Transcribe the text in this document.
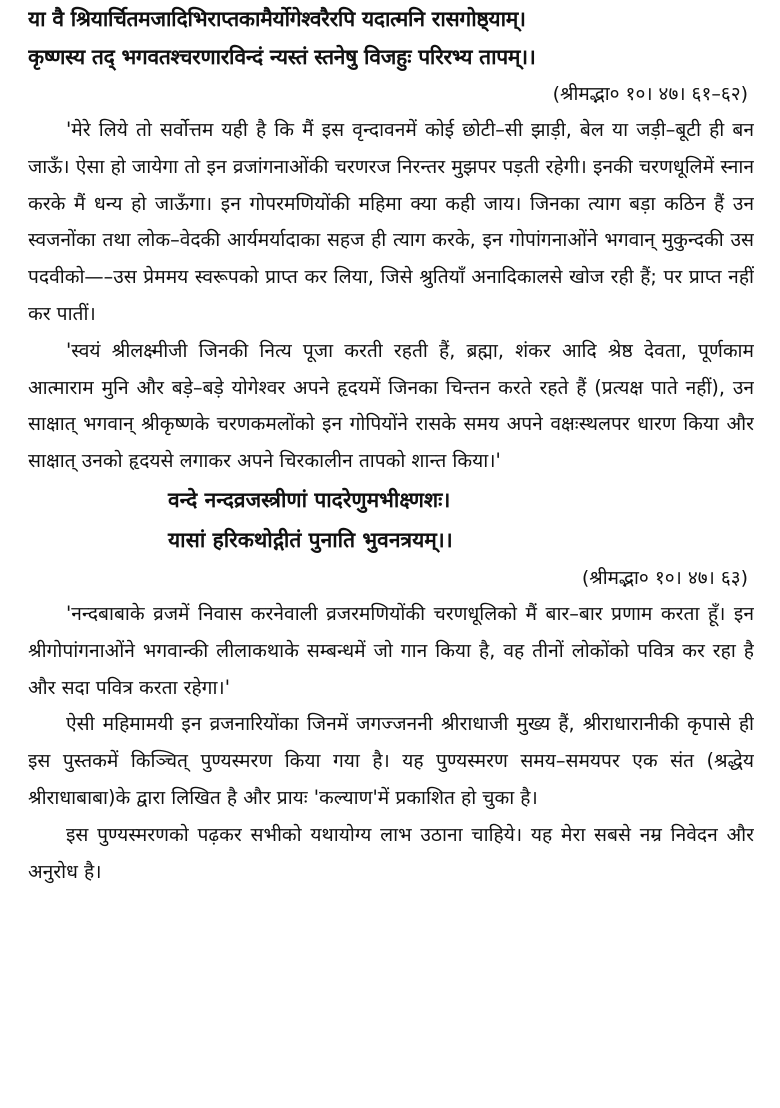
या वै श्रियार्चितमजादिभिराप्तकामैर्योगेश्वरैरपि यदात्मनि रासगोष्ठ्याम्।
कृष्णस्य तद् भगवतश्चरणारविन्दं न्यस्तं स्तनेषु विजहुः परिरभ्य तापम्।।
(श्रीमद्भा० १०। ४७। ६१–६२)

'मेरे लिये तो सर्वोत्तम यही है कि मैं इस वृन्दावनमें कोई छोटी–सी झाड़ी, बेल या जड़ी–बूटी ही बन जाऊँ। ऐसा हो जायेगा तो इन व्रजांगनाओंकी चरणरज निरन्तर मुझपर पड़ती रहेगी। इनकी चरणधूलिमें स्नान करके मैं धन्य हो जाऊँगा। इन गोपरमणियोंकी महिमा क्या कही जाय। जिनका त्याग बड़ा कठिन हैं उन स्वजनोंका तथा लोक–वेदकी आर्यमर्यादाका सहज ही त्याग करके, इन गोपांगनाओंने भगवान् मुकुन्दकी उस पदवीको—–उस प्रेममय स्वरूपको प्राप्त कर लिया, जिसे श्रुतियाँ अनादिकालसे खोज रही हैं; पर प्राप्त नहीं कर पातीं।

'स्वयं श्रीलक्ष्मीजी जिनकी नित्य पूजा करती रहती हैं, ब्रह्मा, शंकर आदि श्रेष्ठ देवता, पूर्णकाम आत्माराम मुनि और बड़े–बड़े योगेश्वर अपने हृदयमें जिनका चिन्तन करते रहते हैं (प्रत्यक्ष पाते नहीं), उन साक्षात् भगवान् श्रीकृष्णके चरणकमलोंको इन गोपियोंने रासके समय अपने वक्षःस्थलपर धारण किया और साक्षात् उनको हृदयसे लगाकर अपने चिरकालीन तापको शान्त किया।'

वन्दे नन्दव्रजस्त्रीणां पादरेणुमभीक्ष्णशः।
यासां हरिकथोद्गीतं पुनाति भुवनत्रयम्।।
(श्रीमद्भा० १०। ४७। ६३)

'नन्दबाबाके व्रजमें निवास करनेवाली व्रजरमणियोंकी चरणधूलिको मैं बार–बार प्रणाम करता हूँ। इन श्रीगोपांगनाओंने भगवान्की लीलाकथाके सम्बन्धमें जो गान किया है, वह तीनों लोकोंको पवित्र कर रहा है और सदा पवित्र करता रहेगा।'

ऐसी महिमामयी इन व्रजनारियोंका जिनमें जगज्जननी श्रीराधाजी मुख्य हैं, श्रीराधारानीकी कृपासे ही इस पुस्तकमें किञ्चित् पुण्यस्मरण किया गया है। यह पुण्यस्मरण समय–समयपर एक संत (श्रद्धेय श्रीराधाबाबा)के द्वारा लिखित है और प्रायः 'कल्याण'में प्रकाशित हो चुका है।

इस पुण्यस्मरणको पढ़कर सभीको यथायोग्य लाभ उठाना चाहिये। यह मेरा सबसे नम्र निवेदन और अनुरोध है।
